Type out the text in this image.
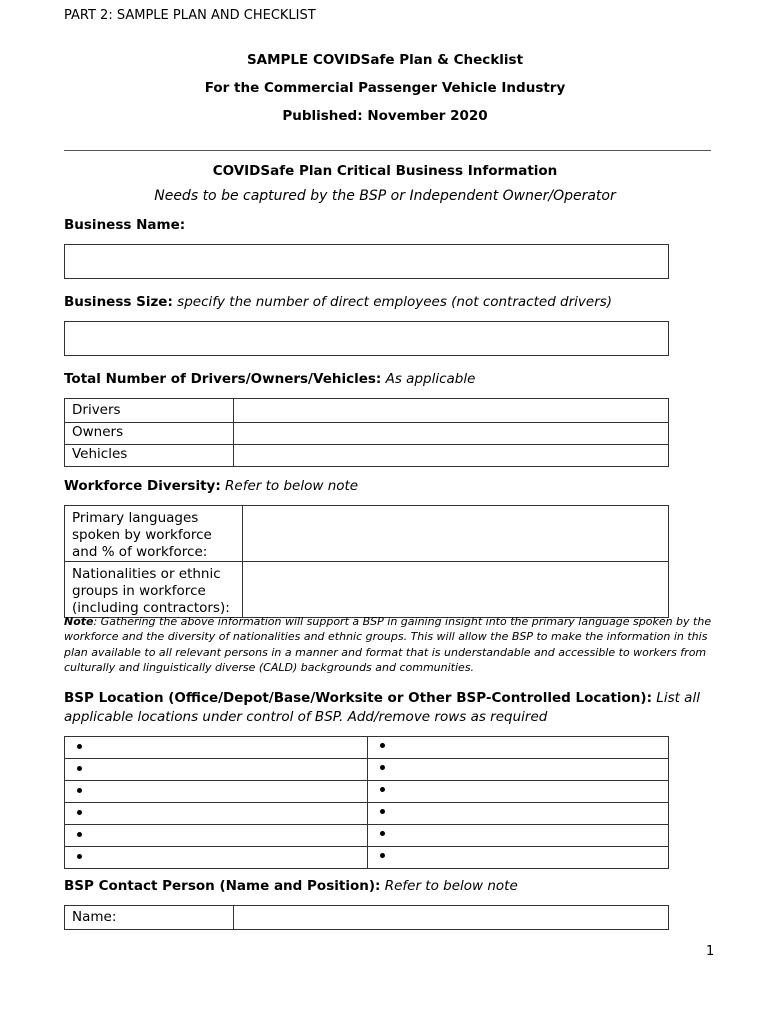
PART 2: SAMPLE PLAN AND CHECKLIST
SAMPLE COVIDSafe Plan & Checklist
For the Commercial Passenger Vehicle Industry
Published: November 2020
COVIDSafe Plan Critical Business Information
Needs to be captured by the BSP or Independent Owner/Operator
Business Name:
Business Size: specify the number of direct employees (not contracted drivers)
Total Number of Drivers/Owners/Vehicles: As applicable
Drivers	
Owners	
Vehicles	
Workforce Diversity: Refer to below note
Primary languages spoken by workforce and % of workforce:	
Nationalities or ethnic groups in workforce (including contractors):	
Note: Gathering the above information will support a BSP in gaining insight into the primary language spoken by the workforce and the diversity of nationalities and ethnic groups. This will allow the BSP to make the information in this plan available to all relevant persons in a manner and format that is understandable and accessible to workers from culturally and linguistically diverse (CALD) backgrounds and communities.
BSP Location (Office/Depot/Base/Worksite or Other BSP-Controlled Location): List all
applicable locations under control of BSP. Add/remove rows as required

BSP Contact Person (Name and Position): Refer to below note
Name:	
1
